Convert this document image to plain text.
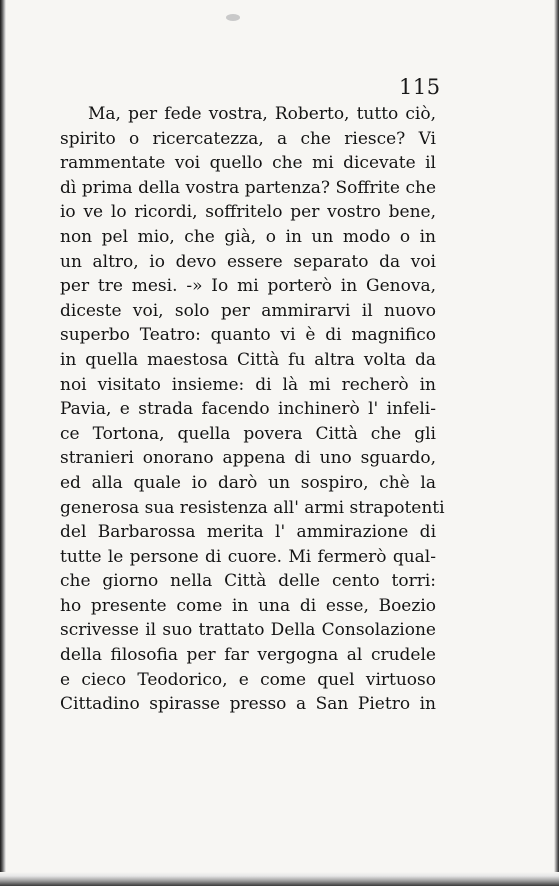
115
Ma, per fede vostra, Roberto, tutto ciò,
spirito o ricercatezza, a che riesce? Vi
rammentate voi quello che mi dicevate il
dì prima della vostra partenza? Soffrite che
io ve lo ricordi, soffritelo per vostro bene,
non pel mio, che già, o in un modo o in
un altro, io devo essere separato da voi
per tre mesi. -» Io mi porterò in Genova,
diceste voi, solo per ammirarvi il nuovo
superbo Teatro: quanto vi è di magnifico
in quella maestosa Città fu altra volta da
noi visitato insieme: di là mi recherò in
Pavia, e strada facendo inchinerò l' infeli-
ce Tortona, quella povera Città che gli
stranieri onorano appena di uno sguardo,
ed alla quale io darò un sospiro, chè la
generosa sua resistenza all' armi strapotenti
del Barbarossa merita l' ammirazione di
tutte le persone di cuore. Mi fermerò qual-
che giorno nella Città delle cento torri:
ho presente come in una di esse, Boezio
scrivesse il suo trattato Della Consolazione
della filosofia per far vergogna al crudele
e cieco Teodorico, e come quel virtuoso
Cittadino spirasse presso a San Pietro in
